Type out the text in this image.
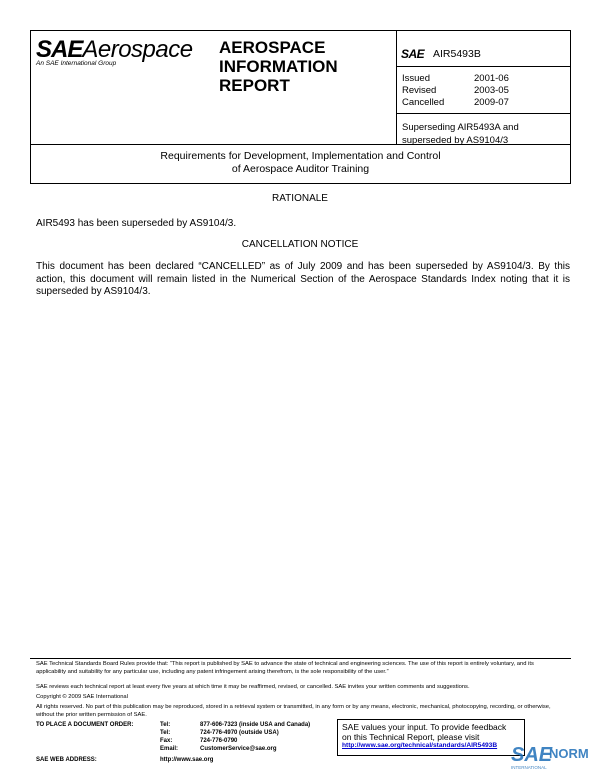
SAEAerospace
An SAE International Group
AEROSPACE
INFORMATION
REPORT
SAE AIR5493B
Issued	2001-06
Revised	2003-05
Cancelled	2009-07
Superseding AIR5493A and
superseded by AS9104/3
Requirements for Development, Implementation and Control
of Aerospace Auditor Training
RATIONALE
AIR5493 has been superseded by AS9104/3.
CANCELLATION NOTICE
This document has been declared “CANCELLED” as of July 2009 and has been superseded by AS9104/3. By this action, this document will remain listed in the Numerical Section of the Aerospace Standards Index noting that it is superseded by AS9104/3.
SAE Technical Standards Board Rules provide that: “This report is published by SAE to advance the state of technical and engineering sciences. The use of this report is entirely voluntary, and its applicability and suitability for any particular use, including any patent infringement arising therefrom, is the sole responsibility of the user.”
SAE reviews each technical report at least every five years at which time it may be reaffirmed, revised, or cancelled. SAE invites your written comments and suggestions.
Copyright © 2009 SAE International
All rights reserved. No part of this publication may be reproduced, stored in a retrieval system or transmitted, in any form or by any means, electronic, mechanical, photocopying, recording, or otherwise, without the prior written permission of SAE.
TO PLACE A DOCUMENT ORDER:	Tel:	877-606-7323 (inside USA and Canada)
Tel:	724-776-4970 (outside USA)
Fax:	724-776-0790
Email:	CustomerService@sae.org
SAE WEB ADDRESS:	http://www.sae.org
SAE values your input. To provide feedback
on this Technical Report, please visit
http://www.sae.org/technical/standards/AIR5493B SAE
NORM
INTERNATIONAL
